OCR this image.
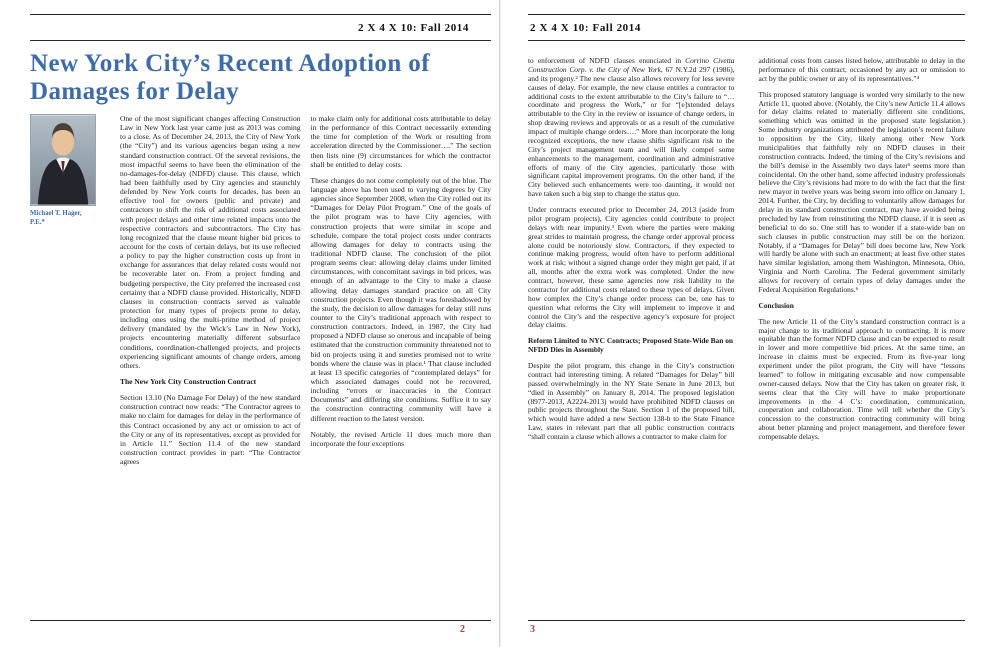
2 X 4 X 10: Fall 2014
New York City’s Recent Adoption of
Damages for Delay
Michael T. Hager,
P.E.*

One of the most significant changes affecting Construction Law in New York last year came just as 2013 was coming to a close. As of December 24, 2013, the City of New York (the “City”) and its various agencies began using a new standard construction contract. Of the several revisions, the most impactful seems to have been the elimination of the no-damages-for-delay (NDFD) clause. This clause, which had been faithfully used by City agencies and staunchly defended by New York courts for decades, has been an effective tool for owners (public and private) and contractors to shift the risk of additional costs associated with project delays and other time related impacts onto the respective contractors and subcontractors. The City has long recognized that the clause meant higher bid prices to account for the costs of certain delays, but its use reflected a policy to pay the higher construction costs up front in exchange for assurances that delay related costs would not be recoverable later on. From a project funding and budgeting perspective, the City preferred the increased cost certainty that a NDFD clause provided. Historically, NDFD clauses in construction contracts served as valuable protection for many types of projects prone to delay, including ones using the multi-prime method of project delivery (mandated by the Wick’s Law in New York), projects encountering materially different subsurface conditions, coordination-challenged projects, and projects experiencing significant amounts of change orders, among others.

The New York City Construction Contract

Section 13.10 (No Damage For Delay) of the new standard construction contract now reads: “The Contractor agrees to make no claim for damages for delay in the performance of this Contract occasioned by any act or omission to act of the City or any of its representatives, except as provided for in Article 11.” Section 11.4 of the new standard construction contract provides in part: “The Contractor agrees

to make claim only for additional costs attributable to delay in the performance of this Contract necessarily extending the time for completion of the Work or resulting from acceleration directed by the Commissioner….” The section then lists nine (9) circumstances for which the contractor shall be entitled to delay costs.

These changes do not come completely out of the blue. The language above has been used to varying degrees by City agencies since September 2008, when the City rolled out its “Damages for Delay Pilot Program.” One of the goals of the pilot program was to have City agencies, with construction projects that were similar in scope and schedule, compare the total project costs under contracts allowing damages for delay to contracts using the traditional NDFD clause. The conclusion of the pilot program seems clear: allowing delay claims under limited circumstances, with concomitant savings in bid prices, was enough of an advantage to the City to make a clause allowing delay damages standard practice on all City construction projects. Even though it was foreshadowed by the study, the decision to allow damages for delay still runs counter to the City’s traditional approach with respect to construction contractors. Indeed, in 1987, the City had proposed a NDFD clause so onerous and incapable of being estimated that the construction community threatened not to bid on projects using it and sureties promised not to write bonds where the clause was in place.¹ That clause included at least 13 specific categories of “contemplated delays” for which associated damages could not be recovered, including “errors or inaccuracies in the Contract Documents” and differing site conditions. Suffice it to say the construction contracting community will have a different reaction to the latest version.

Notably, the revised Article 11 does much more than incorporate the four exceptions

2
2 X 4 X 10: Fall 2014

to enforcement of NDFD clauses enunciated in Corrino Civetta Construction Corp. v. the City of New York, 67 N.Y.2d 297 (1986), and its progeny.² The new clause also allows recovery for less severe causes of delay. For example, the new clause entitles a contractor to additional costs to the extent attributable to the City’s failure to “… coordinate and progress the Work,” or for “[e]xtended delays attributable to the City in the review or issuance of change orders, in shop drawing reviews and approvals or as a result of the cumulative impact of multiple change orders….” More than incorporate the long recognized exceptions, the new clause shifts significant risk to the City’s project management team and will likely compel some enhancements to the management, coordination and administrative efforts of many of the City agencies, particularly those with significant capital improvement programs. On the other hand, if the City believed such enhancements were too daunting, it would not have taken such a big step to change the status quo.

Under contracts executed prior to December 24, 2013 (aside from pilot program projects), City agencies could contribute to project delays with near impunity.³ Even where the parties were making great strides to maintain progress, the change order approval process alone could be notoriously slow. Contractors, if they expected to continue making progress, would often have to perform additional work at risk; without a signed change order they might get paid, if at all, months after the extra work was completed. Under the new contract, however, these same agencies now risk liability to the contractor for additional costs related to these types of delays. Given how complex the City’s change order process can be, one has to question what reforms the City will implement to improve it and control the City’s and the respective agency’s exposure for project delay claims.

Reform Limited to NYC Contracts; Proposed State-Wide Ban on NFDD Dies in Assembly

Despite the pilot program, this change in the City’s construction contract had interesting timing. A related “Damages for Delay” bill passed overwhelmingly in the NY State Senate in June 2013, but “died in Assembly” on January 8, 2014. The proposed legislation (8977-2013, A2224-2013) would have prohibited NDFD clauses on public projects throughout the State. Section 1 of the proposed bill, which would have added a new Section 138-b to the State Finance Law, states in relevant part that all public construction contracts “shall contain a clause which allows a contractor to make claim for

additional costs from causes listed below, attributable to delay in the performance of this contract, occasioned by any act or omission to act by the public owner or any of its representatives.”⁴

This proposed statutory language is worded very similarly to the new Article 11, quoted above. (Notably, the City’s new Article 11.4 allows for delay claims related to materially different site conditions, something which was omitted in the proposed state legislation.) Some industry organizations attributed the legislation’s recent failure to opposition by the City, likely among other New York municipalities that faithfully rely on NDFD clauses in their construction contracts. Indeed, the timing of the City’s revisions and the bill’s demise in the Assembly two days later⁵ seems more than coincidental. On the other hand, some affected industry professionals believe the City’s revisions had more to do with the fact that the first new mayor in twelve years was being sworn into office on January 1, 2014. Further, the City, by deciding to voluntarily allow damages for delay in its standard construction contract, may have avoided being precluded by law from reinstituting the NDFD clause, if it is seen as beneficial to do so. One still has to wonder if a state-wide ban on such clauses in public construction may still be on the horizon. Notably, if a “Damages for Delay” bill does become law, New York will hardly be alone with such an enactment; at least five other states have similar legislation, among them Washington, Minnesota, Ohio, Virginia and North Carolina. The Federal government similarly allows for recovery of certain types of delay damages under the Federal Acquisition Regulations.⁶

Conclusion

The new Article 11 of the City’s standard construction contract is a major change to its traditional approach to contracting. It is more equitable than the former NDFD clause and can be expected to result in lower and more competitive bid prices. At the same time, an increase in claims must be expected. From its five-year long experiment under the pilot program, the City will have “lessons learned” to follow in mitigating excusable and now compensable owner-caused delays. Now that the City has taken on greater risk, it seems clear that the City will have to make proportionate improvements in the 4 C’s: coordination, communication, cooperation and collaboration. Time will tell whether the City’s concession to the construction contracting community will bring about better planning and project management, and therefore fewer compensable delays.

3
